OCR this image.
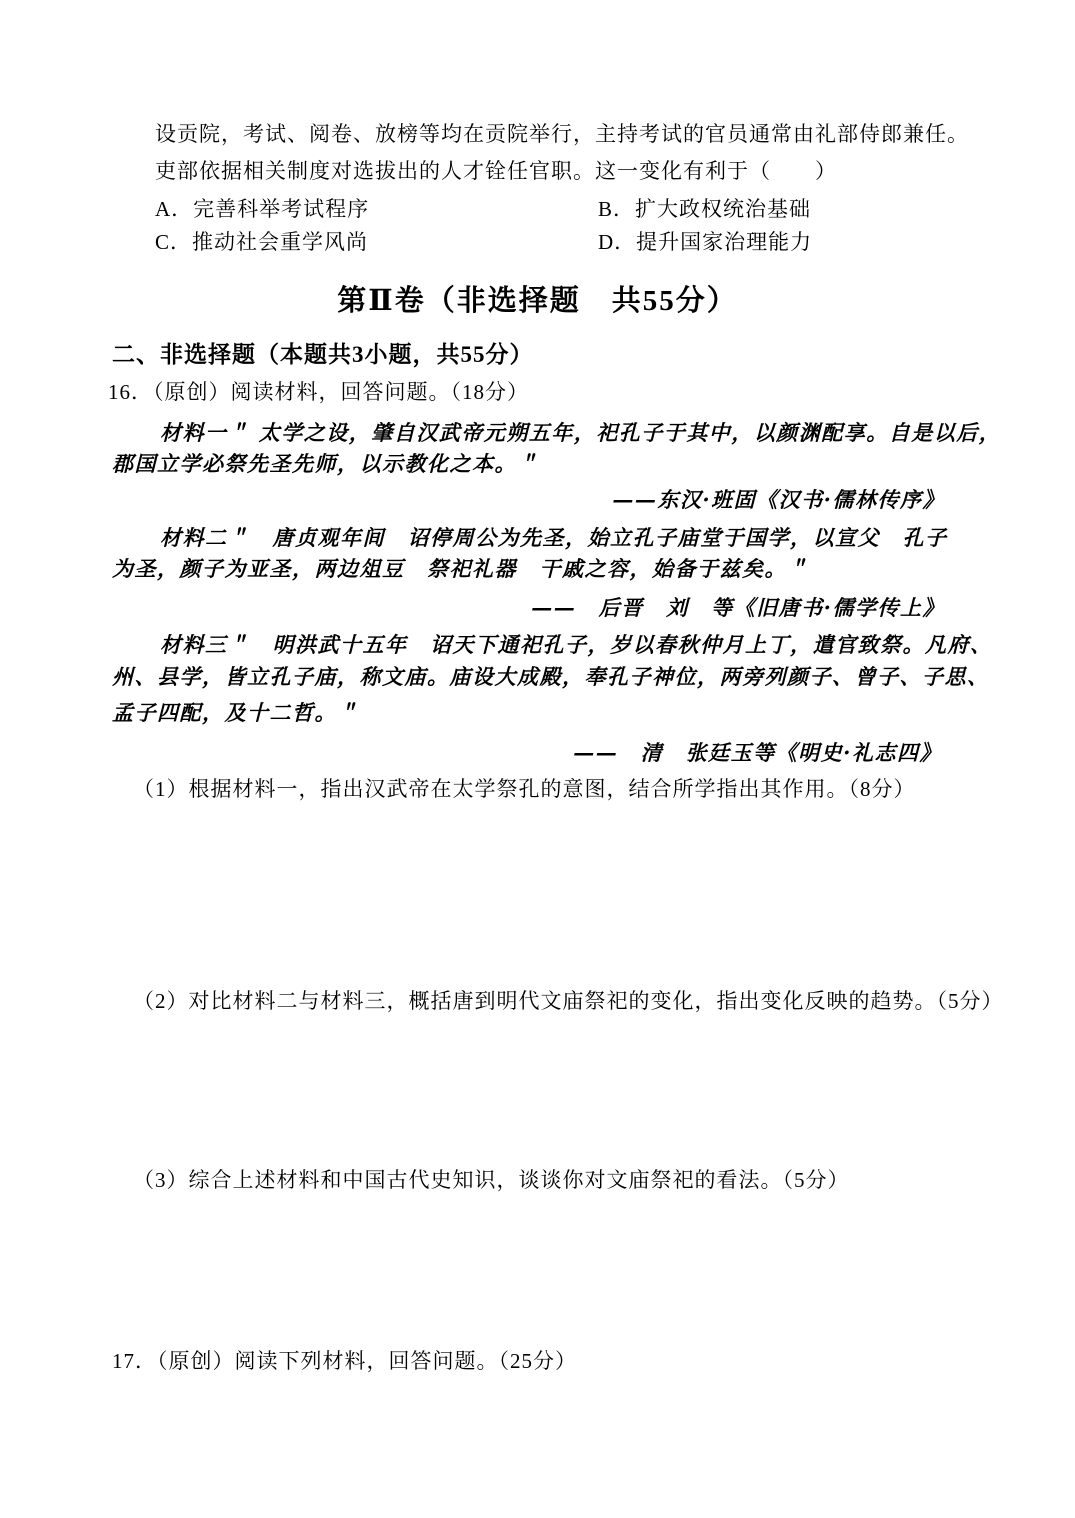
设贡院，考试、阅卷、放榜等均在贡院举行，主持考试的官员通常由礼部侍郎兼任。
吏部依据相关制度对选拔出的人才铨任官职。这一变化有利于（　　）
A．完善科举考试程序	B．扩大政权统治基础
C．推动社会重学风尚	D．提升国家治理能力
第Ⅱ卷（非选择题　共55分）
二、非选择题（本题共3小题，共55分）
16．（原创）阅读材料，回答问题。（18分）
材料一＂ 太学之设，肇自汉武帝元朔五年，祀孔子于其中，以颜渊配享。自是以后，
郡国立学必祭先圣先师，以示教化之本。＂
——东汉·班固《汉书·儒林传序》
材料二＂　唐贞观年间　诏停周公为先圣，始立孔子庙堂于国学，以宣父　孔子
为圣，颜子为亚圣，两边俎豆　祭祀礼器　干戚之容，始备于兹矣。＂
——　后晋　刘　等《旧唐书·儒学传上》
材料三＂　明洪武十五年　诏天下通祀孔子，岁以春秋仲月上丁，遣官致祭。凡府、
州、县学，皆立孔子庙，称文庙。庙设大成殿，奉孔子神位，两旁列颜子、曾子、子思、
孟子四配，及十二哲。＂
——　清　张廷玉等《明史·礼志四》
（1）根据材料一，指出汉武帝在太学祭孔的意图，结合所学指出其作用。（8分）
（2）对比材料二与材料三，概括唐到明代文庙祭祀的变化，指出变化反映的趋势。（5分）
（3）综合上述材料和中国古代史知识，谈谈你对文庙祭祀的看法。（5分）
17．（原创）阅读下列材料，回答问题。（25分）
